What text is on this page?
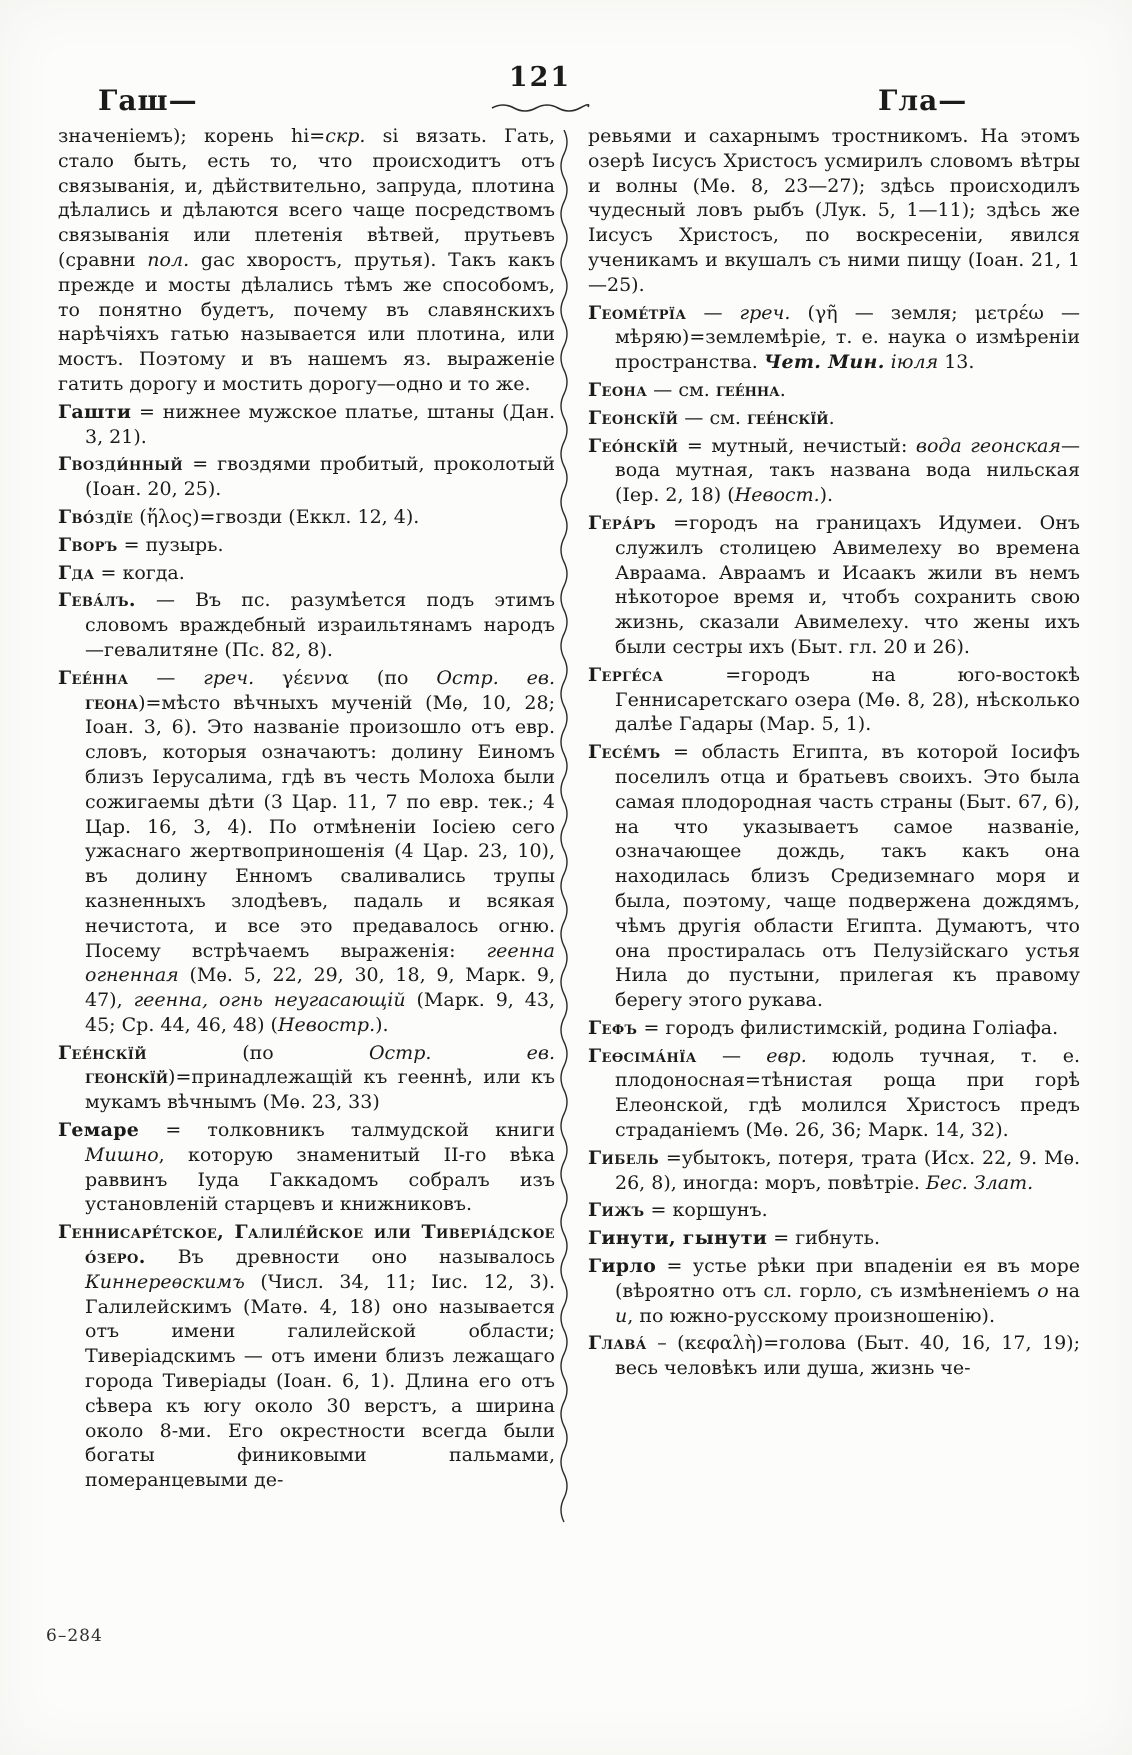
Гаш—
121
Гла—

значеніемъ); корень hi=скр. si вязать. Гать, стало быть, есть то, что происходитъ отъ связыванія, и, дѣйствительно, запруда, плотина дѣлались и дѣлаются всего чаще посредствомъ связыванія или плетенія вѣтвей, прутьевъ (сравни пол. gac хворостъ, прутья). Такъ какъ прежде и мосты дѣлались тѣмъ же способомъ, то понятно будетъ, почему въ славянскихъ нарѣчіяхъ гатью называется или плотина, или мостъ. Поэтому и въ нашемъ яз. выраженіе гатить дорогу и мостить дорогу—одно и то же.

Гашти = нижнее мужское платье, штаны (Дан. 3, 21).

Гвозди́нный = гвоздями пробитый, проколотый (Іоан. 20, 25).

Гво́здїе (ἥλος)=гвозди (Еккл. 12, 4).

Гворъ = пузырь.

Гда = когда.

Гева́лъ. — Въ пс. разумѣется подъ этимъ словомъ враждебный израильтянамъ народъ—гевалитяне (Пс. 82, 8).

Гее́нна — греч. γέεννα (по Остр. ев. геона)=мѣсто вѣчныхъ мученій (Мѳ, 10, 28; Іоан. 3, 6). Это названіе произошло отъ евр. словъ, которыя означаютъ: долину Еиномъ близъ Іерусалима, гдѣ въ честь Молоха были сожигаемы дѣти (3 Цар. 11, 7 по евр. тек.; 4 Цар. 16, 3, 4). По отмѣненіи Іосіею сего ужаснаго жертвоприношенія (4 Цар. 23, 10), въ долину Енномъ сваливались трупы казненныхъ злодѣевъ, падаль и всякая нечистота, и все это предавалось огню. Посему встрѣчаемъ выраженія: геенна огненная (Мѳ. 5, 22, 29, 30, 18, 9, Марк. 9, 47), геенна, огнь неугасающій (Марк. 9, 43, 45; Ср. 44, 46, 48) (Невостр.).

Гее́нскїй (по Остр. ев. геонскїй)=принадлежащій къ гееннѣ, или къ мукамъ вѣчнымъ (Мѳ. 23, 33)

Гемаре = толковникъ талмудской книги Мишно, которую знаменитый II-го вѣка раввинъ Іуда Гаккадомъ собралъ изъ установленій старцевъ и книжниковъ.

Геннисаре́тское, Галиле́йское или Тиверіа́дское о́зеро. Въ древности оно называлось Киннереѳскимъ (Числ. 34, 11; Іис. 12, 3). Галилейскимъ (Матѳ. 4, 18) оно называется отъ имени галилейской области; Тиверіадскимъ — отъ имени близъ лежащаго города Тиверіады (Іоан. 6, 1). Длина его отъ сѣвера къ югу около 30 верстъ, а ширина около 8-ми. Его окрестности всегда были богаты финиковыми пальмами, померанцевыми де-

ревьями и сахарнымъ тростникомъ. На этомъ озерѣ Іисусъ Христосъ усмирилъ словомъ вѣтры и волны (Мѳ. 8, 23—27); здѣсь происходилъ чудесный ловъ рыбъ (Лук. 5, 1—11); здѣсь же Іисусъ Христосъ, по воскресеніи, явился ученикамъ и вкушалъ съ ними пищу (Іоан. 21, 1—25).

Геоме́трїа — греч. (γῆ — земля; μετρέω — мѣряю)=землемѣріе, т. е. наука о измѣреніи пространства. Чет. Мин. іюля 13.

Геона — см. гее́нна.

Геонскїй — см. гее́нскїй.

Гео́нскїй = мутный, нечистый: вода геонская—вода мутная, такъ названа вода нильская (Іер. 2, 18) (Невост.).

Гера́ръ =городъ на границахъ Идумеи. Онъ служилъ столицею Авимелеху во времена Авраама. Авраамъ и Исаакъ жили въ немъ нѣкоторое время и, чтобъ сохранить свою жизнь, сказали Авимелеху. что жены ихъ были сестры ихъ (Быт. гл. 20 и 26).

Герге́са =городъ на юго-востокѣ Геннисаретскаго озера (Мѳ. 8, 28), нѣсколько далѣе Гадары (Мар. 5, 1).

Гесе́мъ = область Египта, въ которой Іосифъ поселилъ отца и братьевъ своихъ. Это была самая плодородная часть страны (Быт. 67, 6), на что указываетъ самое названіе, означающее дождь, такъ какъ она находилась близъ Средиземнаго моря и была, поэтому, чаще подвержена дождямъ, чѣмъ другія области Египта. Думаютъ, что она простиралась отъ Пелузійскаго устья Нила до пустыни, прилегая къ правому берегу этого рукава.

Гефъ = городъ филистимскій, родина Голіафа.

Геѳсіма́нїа — евр. юдоль тучная, т. е. плодоносная=тѣнистая роща при горѣ Елеонской, гдѣ молился Христосъ предъ страданіемъ (Мѳ. 26, 36; Марк. 14, 32).

Гибель =убытокъ, потеря, трата (Исх. 22, 9. Мѳ. 26, 8), иногда: моръ, повѣтріе. Бес. Злат.

Гижъ = коршунъ.

Гинути, гынути = гибнуть.

Гирло = устье рѣки при впаденіи ея въ море (вѣроятно отъ сл. горло, съ измѣненіемъ о на и, по южно-русскому произношенію).

Глава́ – (κεφαλὴ)=голова (Быт. 40, 16, 17, 19); весь человѣкъ или душа, жизнь че-

6–284
